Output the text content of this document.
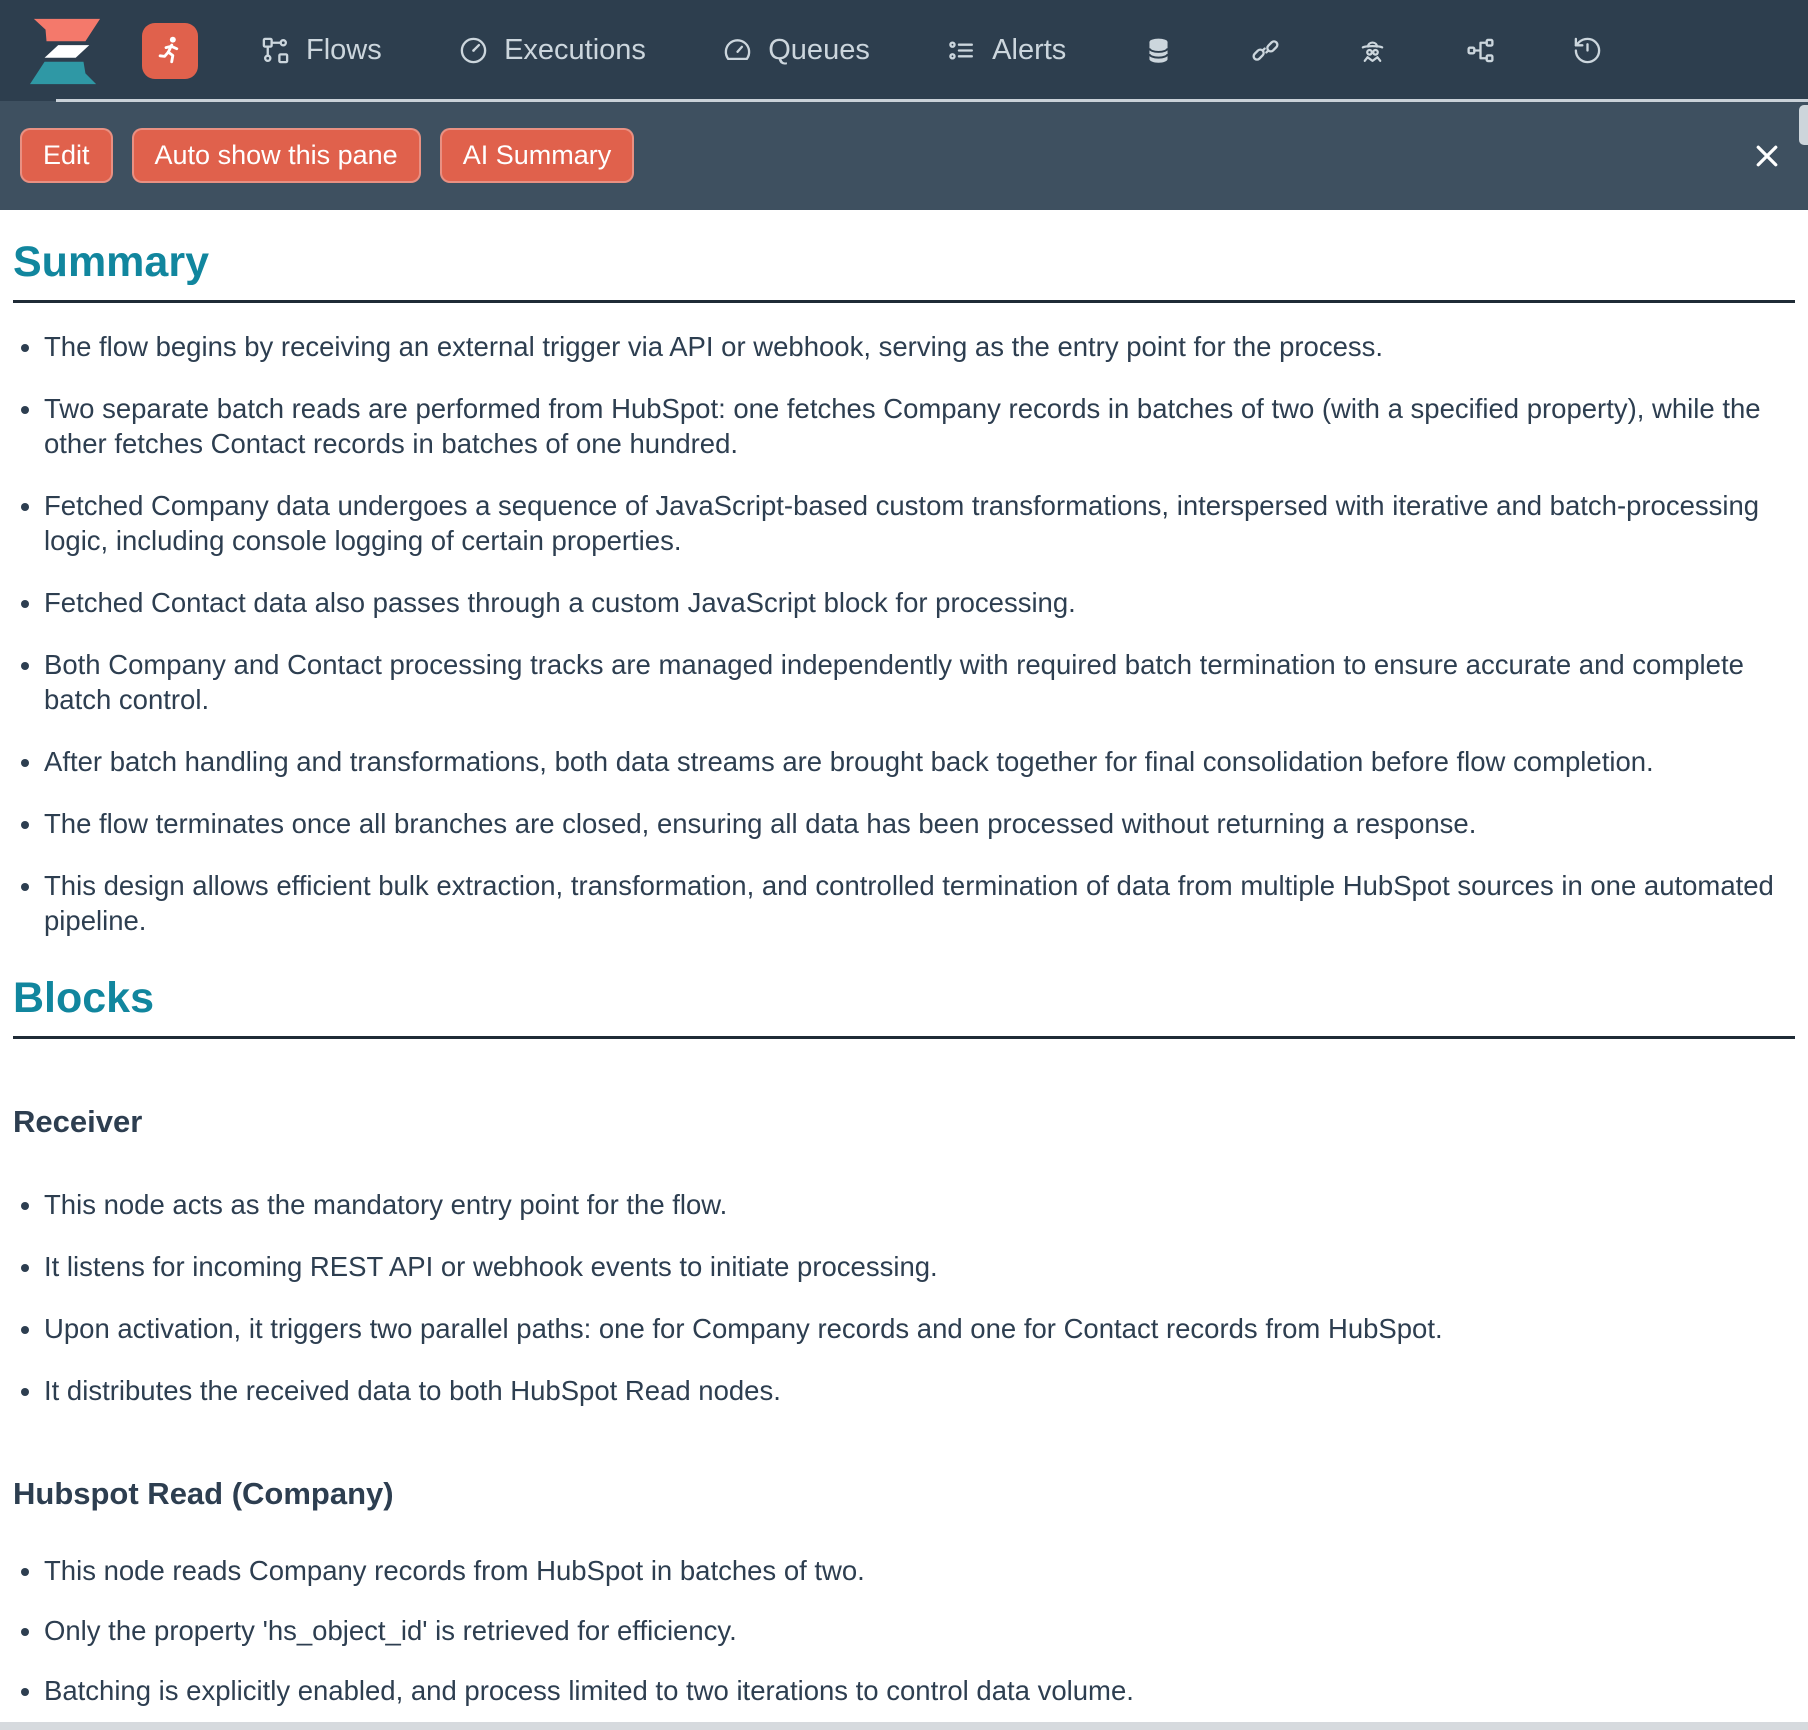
Flows	Executions	Queues	Alerts
Edit	Auto show this pane	AI Summary
Summary
• The flow begins by receiving an external trigger via API or webhook, serving as the entry point for the process.
• Two separate batch reads are performed from HubSpot: one fetches Company records in batches of two (with a specified property), while the other fetches Contact records in batches of one hundred.
• Fetched Company data undergoes a sequence of JavaScript-based custom transformations, interspersed with iterative and batch-processing logic, including console logging of certain properties.
• Fetched Contact data also passes through a custom JavaScript block for processing.
• Both Company and Contact processing tracks are managed independently with required batch termination to ensure accurate and complete batch control.
• After batch handling and transformations, both data streams are brought back together for final consolidation before flow completion.
• The flow terminates once all branches are closed, ensuring all data has been processed without returning a response.
• This design allows efficient bulk extraction, transformation, and controlled termination of data from multiple HubSpot sources in one automated pipeline.
Blocks
Receiver
• This node acts as the mandatory entry point for the flow.
• It listens for incoming REST API or webhook events to initiate processing.
• Upon activation, it triggers two parallel paths: one for Company records and one for Contact records from HubSpot.
• It distributes the received data to both HubSpot Read nodes.
Hubspot Read (Company)
• This node reads Company records from HubSpot in batches of two.
• Only the property 'hs_object_id' is retrieved for efficiency.
• Batching is explicitly enabled, and process limited to two iterations to control data volume.
